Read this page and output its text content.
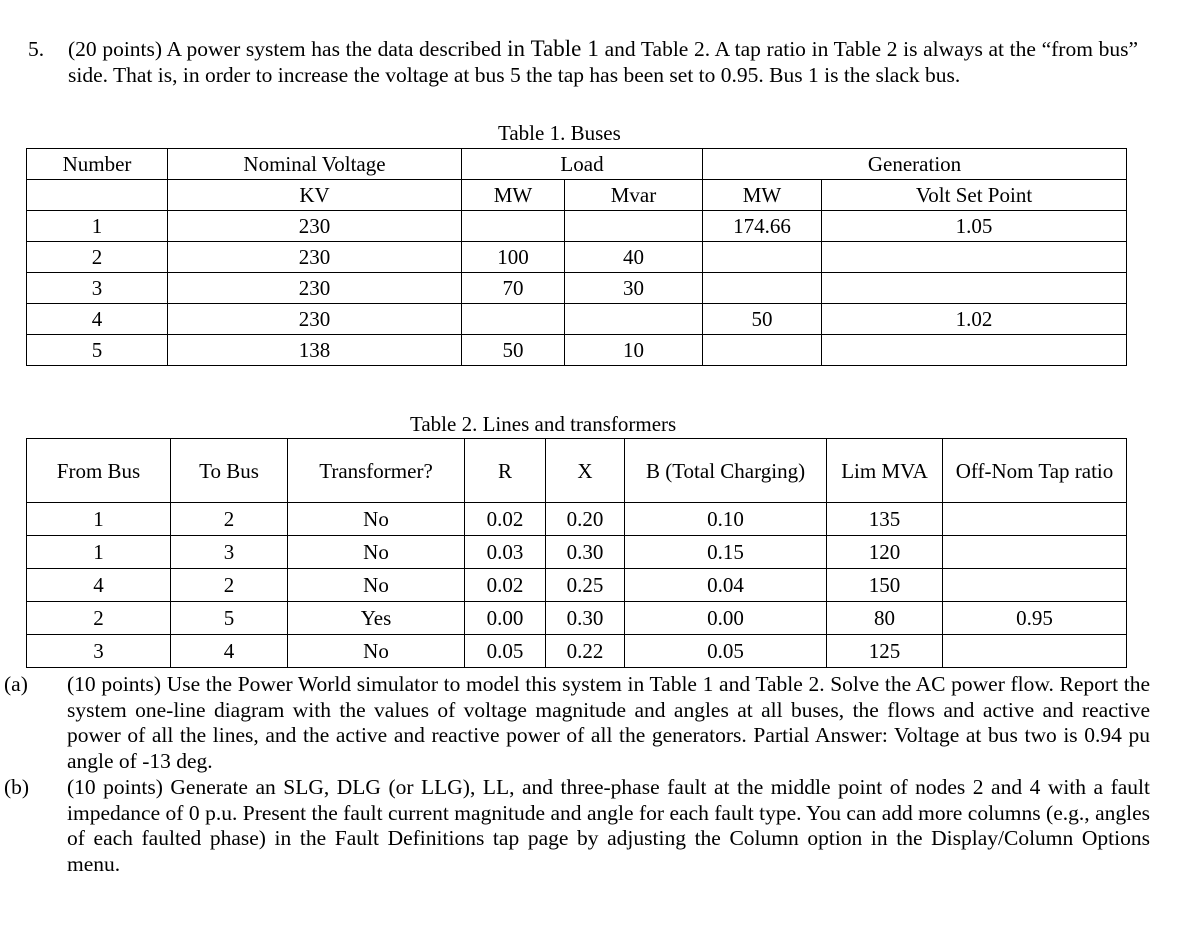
5. (20 points) A power system has the data described in Table 1 and Table 2. A tap ratio in Table 2 is always at the “from bus” side. That is, in order to increase the voltage at bus 5 the tap has been set to 0.95. Bus 1 is the slack bus.
Table 1. Buses
Number	Nominal Voltage	Load		Generation	
	KV	MW	Mvar	MW	Volt Set Point
1	230			174.66	1.05
2	230	100	40		
3	230	70	30		
4	230			50	1.02
5	138	50	10		
Table 2. Lines and transformers
From Bus	To Bus	Transformer?	R	X	B (Total Charging)	Lim MVA	Off-Nom Tap ratio
1	2	No	0.02	0.20	0.10	135	
1	3	No	0.03	0.30	0.15	120	
4	2	No	0.02	0.25	0.04	150	
2	5	Yes	0.00	0.30	0.00	80	0.95
3	4	No	0.05	0.22	0.05	125	
(a) (10 points) Use the Power World simulator to model this system in Table 1 and Table 2. Solve the AC power flow. Report the system one-line diagram with the values of voltage magnitude and angles at all buses, the flows and active and reactive power of all the lines, and the active and reactive power of all the generators. Partial Answer: Voltage at bus two is 0.94 pu angle of -13 deg.
(b) (10 points) Generate an SLG, DLG (or LLG), LL, and three-phase fault at the middle point of nodes 2 and 4 with a fault impedance of 0 p.u. Present the fault current magnitude and angle for each fault type. You can add more columns (e.g., angles of each faulted phase) in the Fault Definitions tap page by adjusting the Column option in the Display/Column Options menu.
